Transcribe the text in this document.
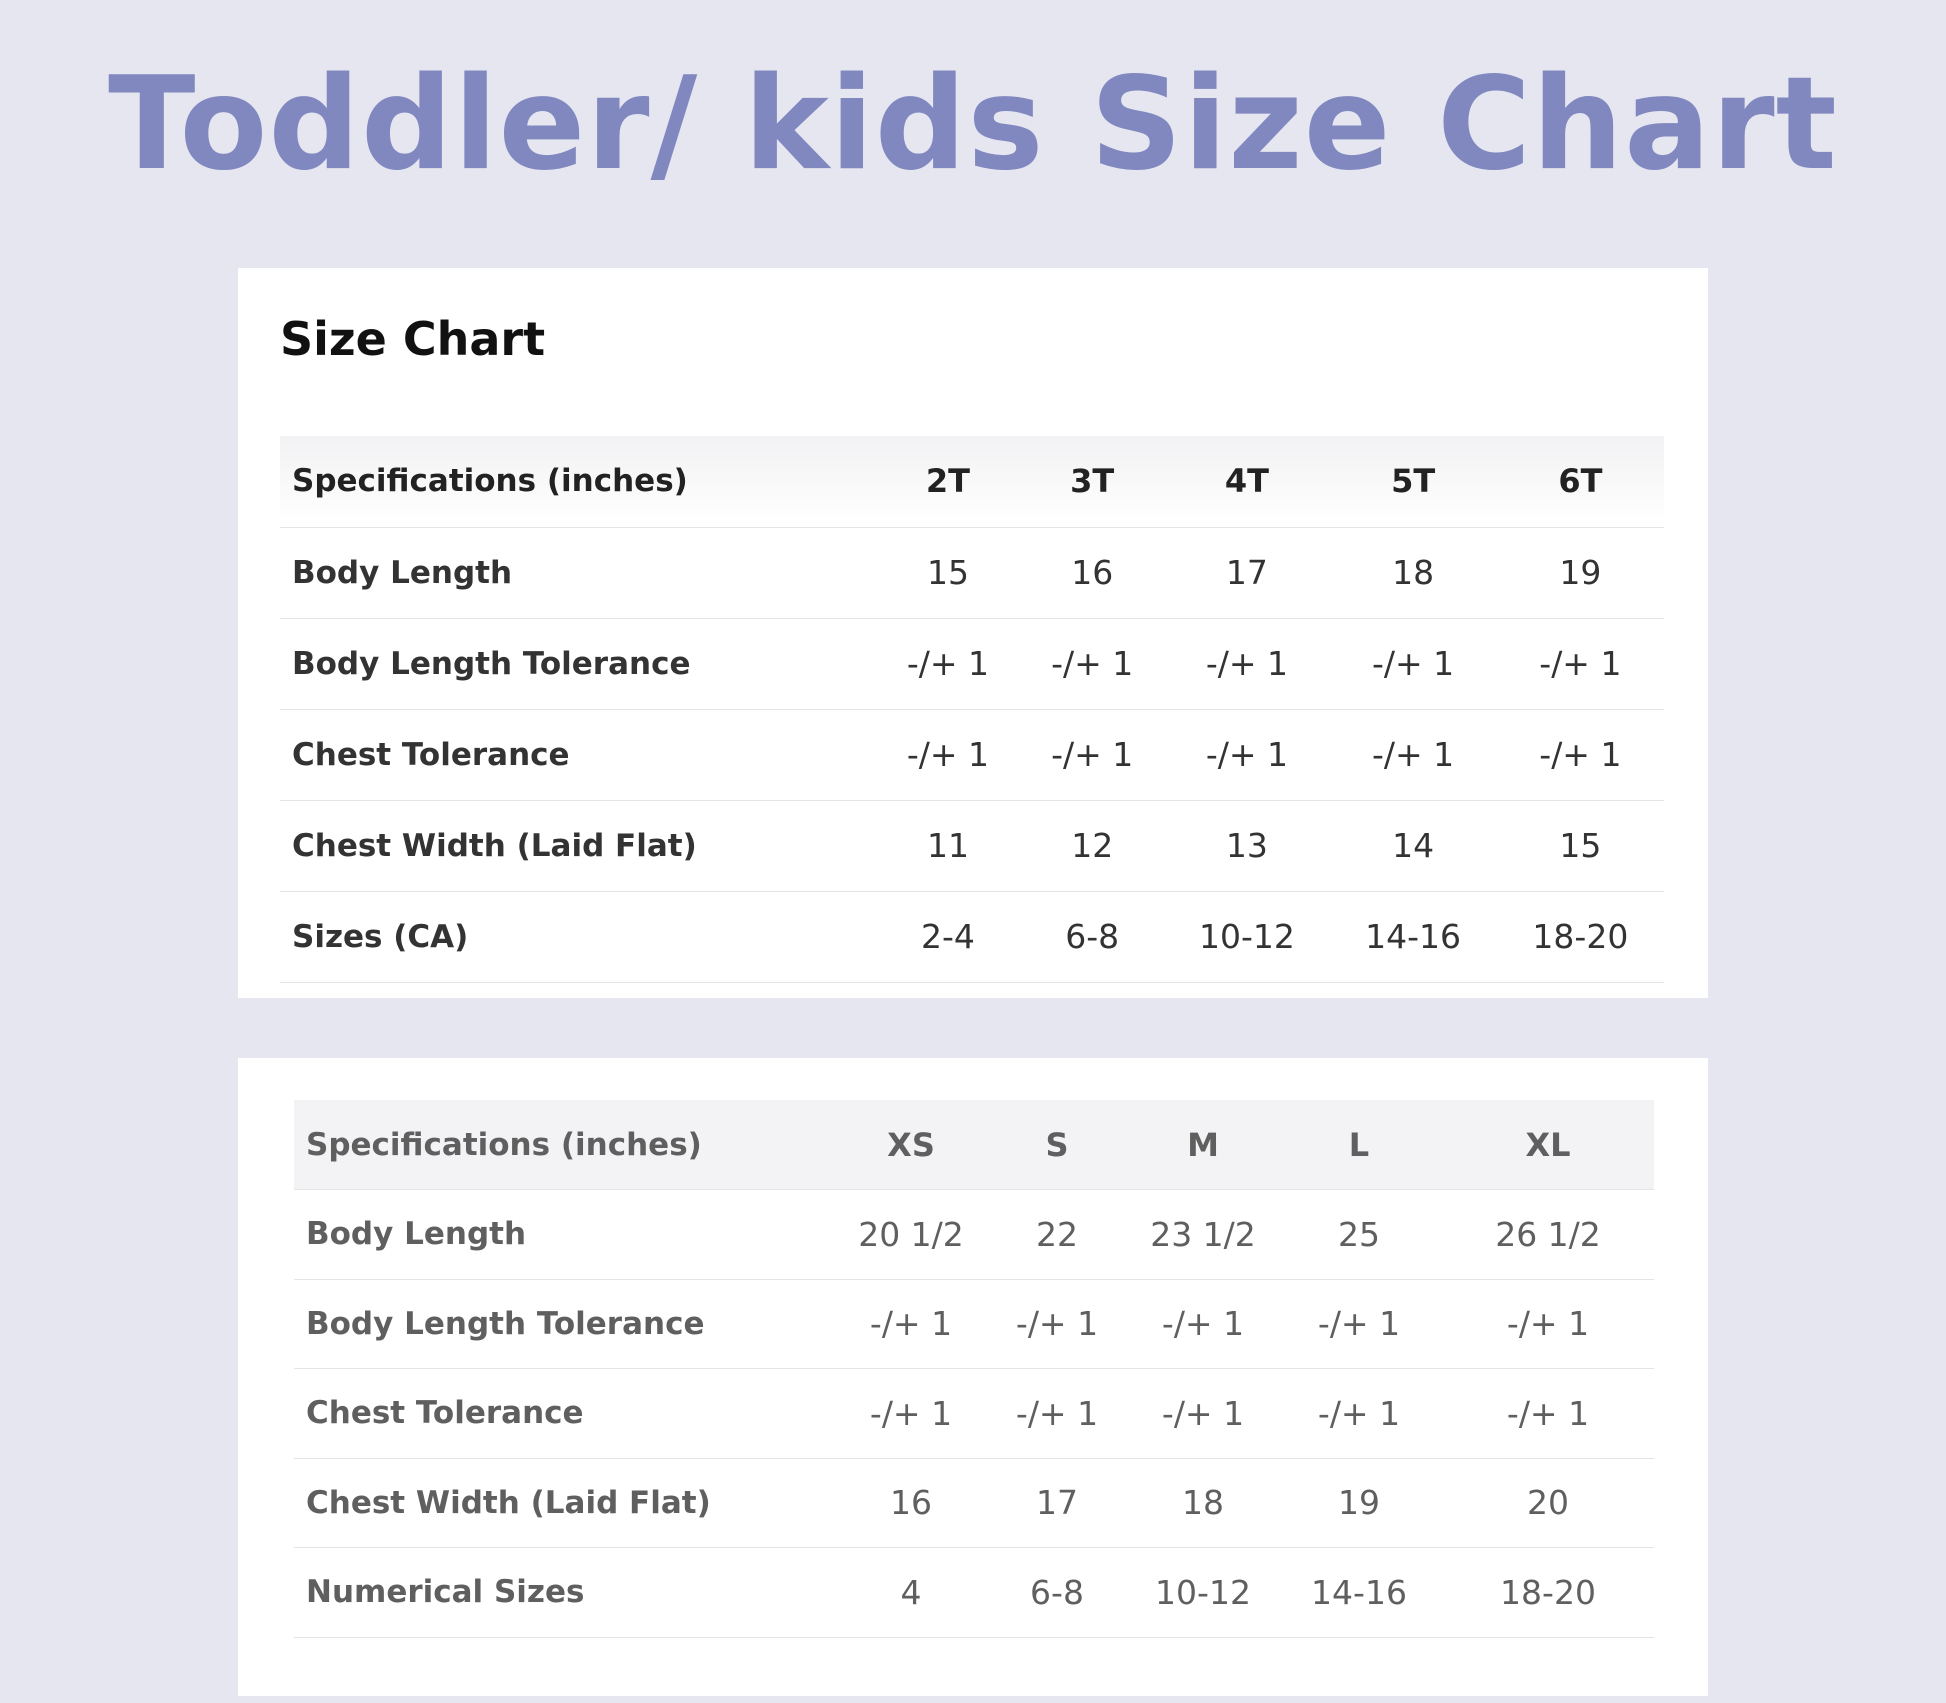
Toddler/ kids Size Chart
Size Chart
Specifications (inches)	2T	3T	4T	5T	6T
Body Length	15	16	17	18	19
Body Length Tolerance	-/+ 1	-/+ 1	-/+ 1	-/+ 1	-/+ 1
Chest Tolerance	-/+ 1	-/+ 1	-/+ 1	-/+ 1	-/+ 1
Chest Width (Laid Flat)	11	12	13	14	15
Sizes (CA)	2-4	6-8	10-12	14-16	18-20
Specifications (inches)	XS	S	M	L	XL
Body Length	20 1/2	22	23 1/2	25	26 1/2
Body Length Tolerance	-/+ 1	-/+ 1	-/+ 1	-/+ 1	-/+ 1
Chest Tolerance	-/+ 1	-/+ 1	-/+ 1	-/+ 1	-/+ 1
Chest Width (Laid Flat)	16	17	18	19	20
Numerical Sizes	4	6-8	10-12	14-16	18-20
